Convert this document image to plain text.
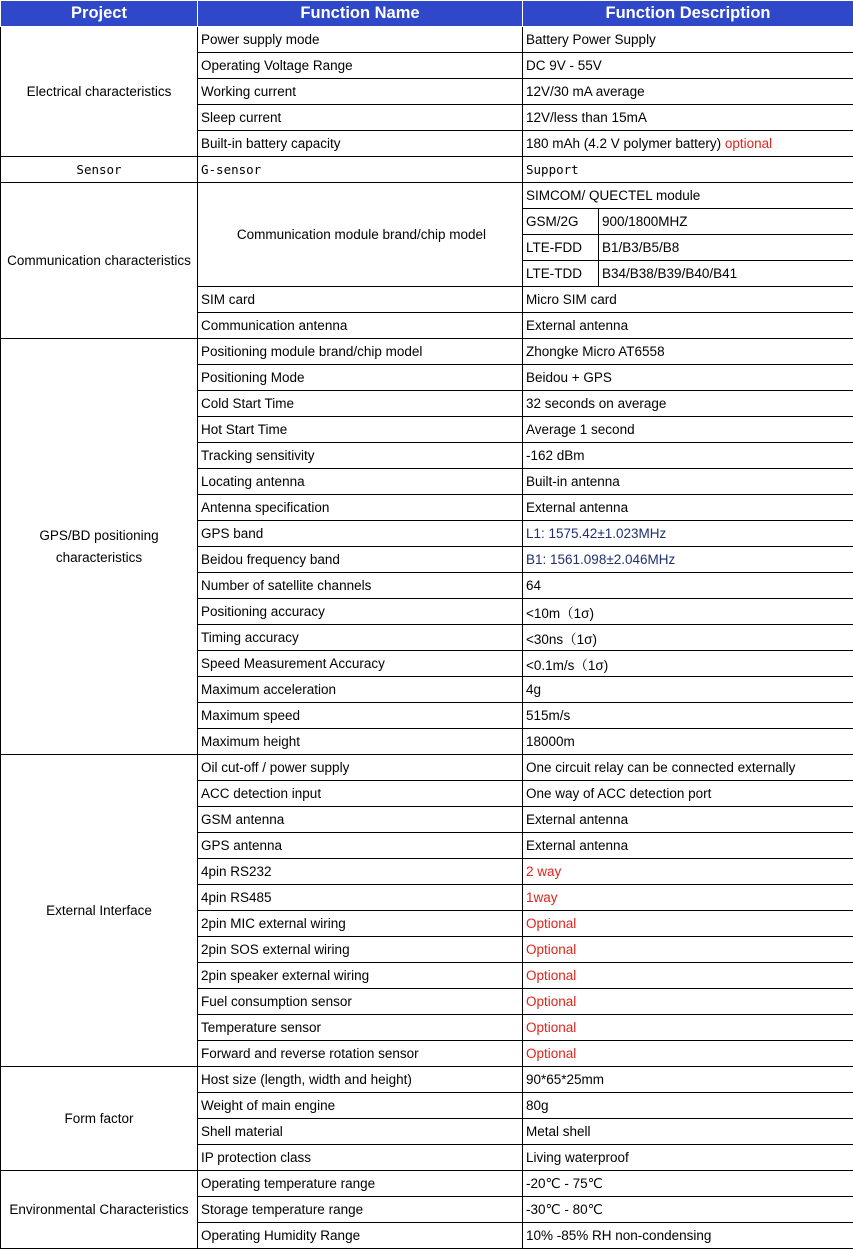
Project	Function Name	Function Description	
Electrical characteristics	Power supply mode	Battery Power Supply	
	Operating Voltage Range	DC 9V - 55V	
	Working current	12V/30 mA average	
	Sleep current	12V/less than 15mA	
	Built-in battery capacity	180 mAh (4.2 V polymer battery) optional	
Sensor	G-sensor	Support	
Communication characteristics	Communication module brand/chip model	SIMCOM/ QUECTEL module	
		GSM/2G	900/1800MHZ
		LTE-FDD	B1/B3/B5/B8
		LTE-TDD	B34/B38/B39/B40/B41
	SIM card	Micro SIM card	
	Communication antenna	External antenna	
GPS/BD positioning characteristics	Positioning module brand/chip model	Zhongke Micro AT6558	
	Positioning Mode	Beidou + GPS	
	Cold Start Time	32 seconds on average	
	Hot Start Time	Average 1 second	
	Tracking sensitivity	-162 dBm	
	Locating antenna	Built-in antenna	
	Antenna specification	External antenna	
	GPS band	L1: 1575.42±1.023MHz	
	Beidou frequency band	B1: 1561.098±2.046MHz	
	Number of satellite channels	64	
	Positioning accuracy	<10m（1σ)	
	Timing accuracy	<30ns（1σ)	
	Speed Measurement Accuracy	<0.1m/s（1σ)	
	Maximum acceleration	4g	
	Maximum speed	515m/s	
	Maximum height	18000m	
External Interface	Oil cut-off / power supply	One circuit relay can be connected externally	
	ACC detection input	One way of ACC detection port	
	GSM antenna	External antenna	
	GPS antenna	External antenna	
	4pin RS232	2 way	
	4pin RS485	1way	
	2pin MIC external wiring	Optional	
	2pin SOS external wiring	Optional	
	2pin speaker external wiring	Optional	
	Fuel consumption sensor	Optional	
	Temperature sensor	Optional	
	Forward and reverse rotation sensor	Optional	
Form factor	Host size (length, width and height)	90*65*25mm	
	Weight of main engine	80g	
	Shell material	Metal shell	
	IP protection class	Living waterproof	
Environmental Characteristics	Operating temperature range	-20℃ - 75℃	
	Storage temperature range	-30℃ - 80℃	
	Operating Humidity Range	10% -85% RH non-condensing	
